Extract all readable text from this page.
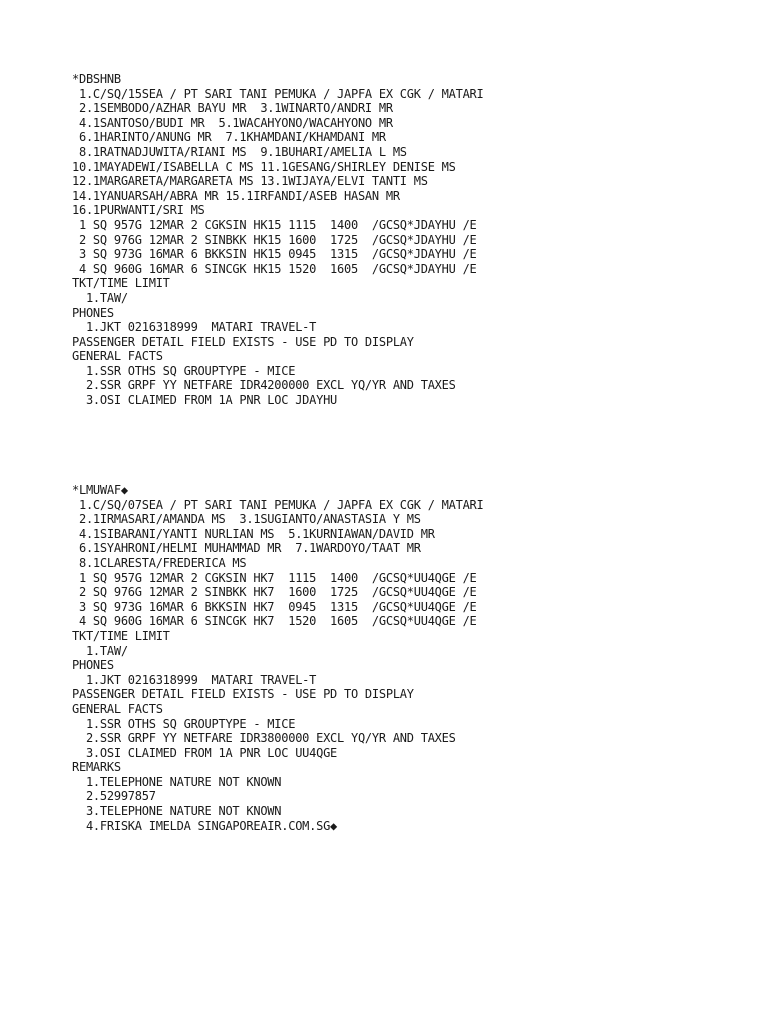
*DBSHNB
1.C/SQ/15SEA / PT SARI TANI PEMUKA / JAPFA EX CGK / MATARI
2.1SEMBODO/AZHAR BAYU MR  3.1WINARTO/ANDRI MR
4.1SANTOSO/BUDI MR  5.1WACAHYONO/WACAHYONO MR
6.1HARINTO/ANUNG MR  7.1KHAMDANI/KHAMDANI MR
8.1RATNADJUWITA/RIANI MS  9.1BUHARI/AMELIA L MS
10.1MAYADEWI/ISABELLA C MS 11.1GESANG/SHIRLEY DENISE MS
12.1MARGARETA/MARGARETA MS 13.1WIJAYA/ELVI TANTI MS
14.1YANUARSAH/ABRA MR 15.1IRFANDI/ASEB HASAN MR
16.1PURWANTI/SRI MS
1 SQ 957G 12MAR 2 CGKSIN HK15 1115  1400  /GCSQ*JDAYHU /E
2 SQ 976G 12MAR 2 SINBKK HK15 1600  1725  /GCSQ*JDAYHU /E
3 SQ 973G 16MAR 6 BKKSIN HK15 0945  1315  /GCSQ*JDAYHU /E
4 SQ 960G 16MAR 6 SINCGK HK15 1520  1605  /GCSQ*JDAYHU /E
TKT/TIME LIMIT
1.TAW/
PHONES
1.JKT 0216318999  MATARI TRAVEL-T
PASSENGER DETAIL FIELD EXISTS - USE PD TO DISPLAY
GENERAL FACTS
1.SSR OTHS SQ GROUPTYPE - MICE
2.SSR GRPF YY NETFARE IDR4200000 EXCL YQ/YR AND TAXES
3.OSI CLAIMED FROM 1A PNR LOC JDAYHU
*LMUWAF◆
1.C/SQ/07SEA / PT SARI TANI PEMUKA / JAPFA EX CGK / MATARI
2.1IRMASARI/AMANDA MS  3.1SUGIANTO/ANASTASIA Y MS
4.1SIBARANI/YANTI NURLIAN MS  5.1KURNIAWAN/DAVID MR
6.1SYAHRONI/HELMI MUHAMMAD MR  7.1WARDOYO/TAAT MR
8.1CLARESTA/FREDERICA MS
1 SQ 957G 12MAR 2 CGKSIN HK7  1115  1400  /GCSQ*UU4QGE /E
2 SQ 976G 12MAR 2 SINBKK HK7  1600  1725  /GCSQ*UU4QGE /E
3 SQ 973G 16MAR 6 BKKSIN HK7  0945  1315  /GCSQ*UU4QGE /E
4 SQ 960G 16MAR 6 SINCGK HK7  1520  1605  /GCSQ*UU4QGE /E
TKT/TIME LIMIT
1.TAW/
PHONES
1.JKT 0216318999  MATARI TRAVEL-T
PASSENGER DETAIL FIELD EXISTS - USE PD TO DISPLAY
GENERAL FACTS
1.SSR OTHS SQ GROUPTYPE - MICE
2.SSR GRPF YY NETFARE IDR3800000 EXCL YQ/YR AND TAXES
3.OSI CLAIMED FROM 1A PNR LOC UU4QGE
REMARKS
1.TELEPHONE NATURE NOT KNOWN
2.52997857
3.TELEPHONE NATURE NOT KNOWN
4.FRISKA IMELDA SINGAPOREAIR.COM.SG◆
